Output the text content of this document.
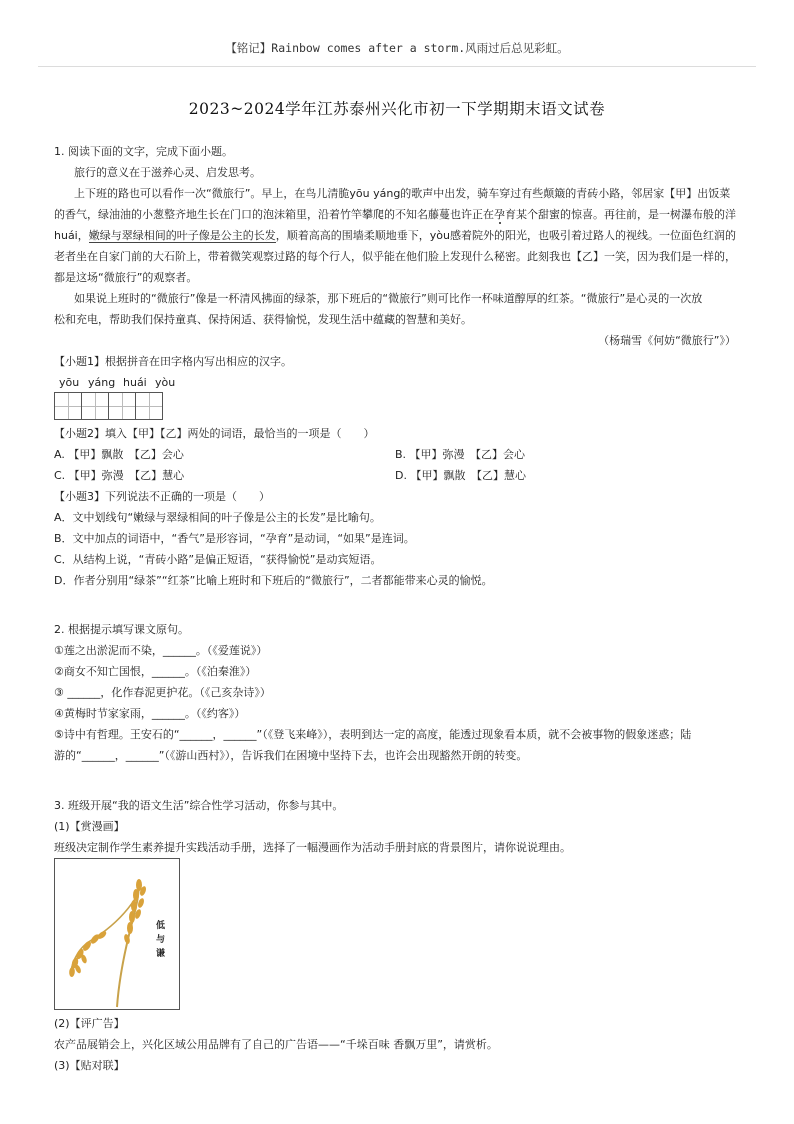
【铭记】Rainbow comes after a storm.风雨过后总见彩虹。
2023~2024学年江苏泰州兴化市初一下学期期末语文试卷
1. 阅读下面的文字，完成下面小题。
旅行的意义在于滋养心灵、启发思考。
上下班的路也可以看作一次“微旅行”。早上，在鸟儿清脆yōu yáng的歌声中出发，骑车穿过有些颠簸的青砖小路，邻居家【甲】出饭菜
的香气，绿油油的小葱整齐地生长在门口的泡沫箱里，沿着竹竿攀爬的不知名藤蔓也许正在孕育某个甜蜜的惊喜。再往前，是一树瀑布般的洋
huái，嫩绿与翠绿相间的叶子像是公主的长发，顺着高高的围墙柔顺地垂下，yòu感着院外的阳光，也吸引着过路人的视线。一位面色红润的
老者坐在自家门前的大石阶上，带着微笑观察过路的每个行人，似乎能在他们脸上发现什么秘密。此刻我也【乙】一笑，因为我们是一样的，
都是这场“微旅行”的观察者。
如果说上班时的“微旅行”像是一杯清风拂面的绿茶，那下班后的“微旅行”则可比作一杯味道醇厚的红茶。“微旅行”是心灵的一次放
松和充电，帮助我们保持童真、保持闲适、获得愉悦，发现生活中蕴藏的智慧和美好。
（杨瑞雪《何妨“微旅行”》）
【小题1】根据拼音在田字格内写出相应的汉字。
yōu yáng huái yòu
【小题2】填入【甲】【乙】两处的词语，最恰当的一项是（　　）
A. 【甲】飘散　【乙】会心	B. 【甲】弥漫　【乙】会心
C. 【甲】弥漫　【乙】慧心	D. 【甲】飘散　【乙】慧心
【小题3】下列说法不正确的一项是（　　）
A．文中划线句“嫩绿与翠绿相间的叶子像是公主的长发”是比喻句。
B．文中加点的词语中，“香气”是形容词，“孕育”是动词，“如果”是连词。
C．从结构上说，“青砖小路”是偏正短语，“获得愉悦”是动宾短语。
D．作者分别用“绿茶”“红茶”比喻上班时和下班后的“微旅行”，二者都能带来心灵的愉悦。
2. 根据提示填写课文原句。
①莲之出淤泥而不染，______。（《爱莲说》）
②商女不知亡国恨，______。（《泊秦淮》）
③ ______，化作春泥更护花。（《己亥杂诗》）
④黄梅时节家家雨，______。（《约客》）
⑤诗中有哲理。王安石的“______，______”（《登飞来峰》），表明到达一定的高度，能透过现象看本质，就不会被事物的假象迷惑；陆
游的“______，______”（《游山西村》），告诉我们在困境中坚持下去，也许会出现豁然开朗的转变。
3. 班级开展“我的语文生活”综合性学习活动，你参与其中。
(1)【赏漫画】
班级决定制作学生素养提升实践活动手册，选择了一幅漫画作为活动手册封底的背景图片，请你说说理由。
低与谦
(2)【评广告】
农产品展销会上，兴化区域公用品牌有了自己的广告语——“千垛百味 香飘万里”，请赏析。
(3)【贴对联】
